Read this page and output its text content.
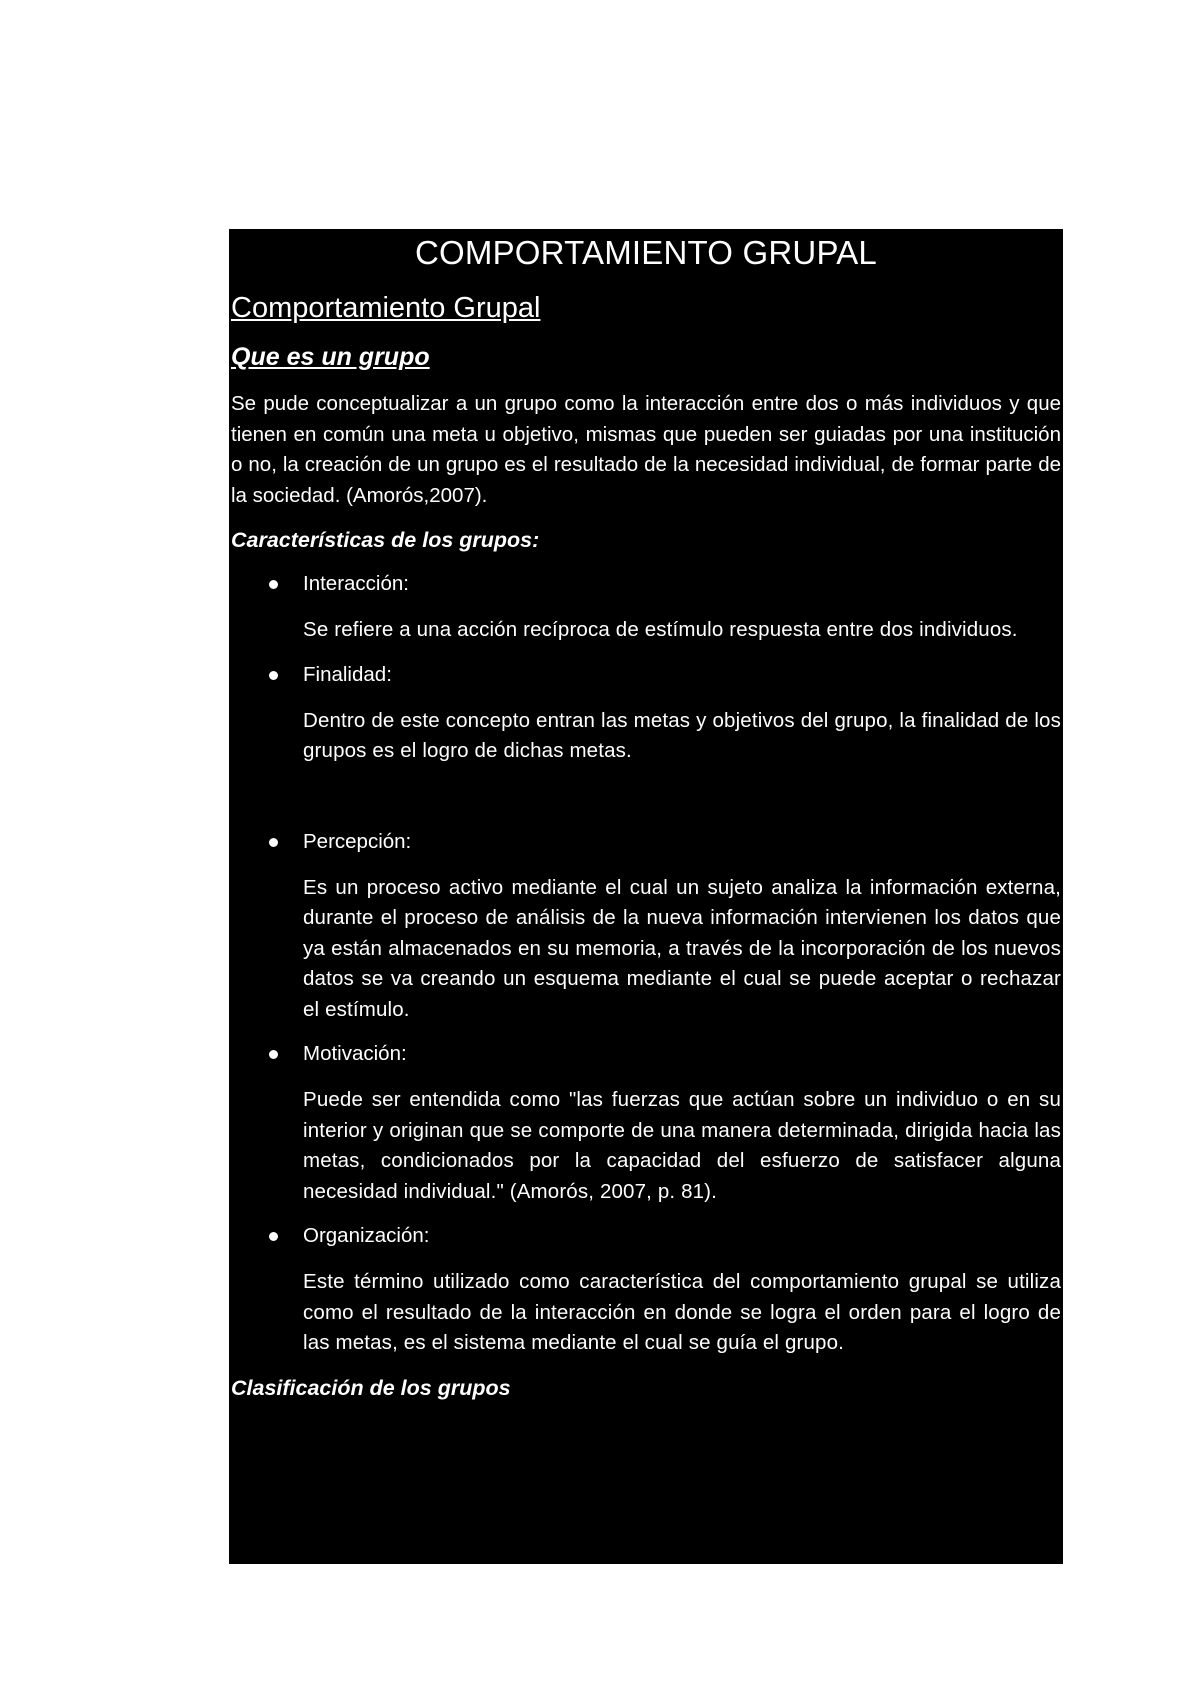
COMPORTAMIENTO GRUPAL
Comportamiento Grupal
Que es un grupo

Se pude conceptualizar a un grupo como la interacción entre dos o más individuos y que tienen en común una meta u objetivo, mismas que pueden ser guiadas por una institución o no, la creación de un grupo es el resultado de la necesidad individual, de formar parte de la sociedad. (Amorós,2007).

Características de los grupos:

Interacción:

Se refiere a una acción recíproca de estímulo respuesta entre dos individuos.

Finalidad:

Dentro de este concepto entran las metas y objetivos del grupo, la finalidad de los grupos es el logro de dichas metas.

Percepción:

Es un proceso activo mediante el cual un sujeto analiza la información externa, durante el proceso de análisis de la nueva información intervienen los datos que ya están almacenados en su memoria, a través de la incorporación de los nuevos datos se va creando un esquema mediante el cual se puede aceptar o rechazar el estímulo.

Motivación:

Puede ser entendida como "las fuerzas que actúan sobre un individuo o en su interior y originan que se comporte de una manera determinada, dirigida hacia las metas, condicionados por la capacidad del esfuerzo de satisfacer alguna necesidad individual." (Amorós, 2007, p. 81).

Organización:

Este término utilizado como característica del comportamiento grupal se utiliza como el resultado de la interacción en donde se logra el orden para el logro de las metas, es el sistema mediante el cual se guía el grupo.

Clasificación de los grupos
